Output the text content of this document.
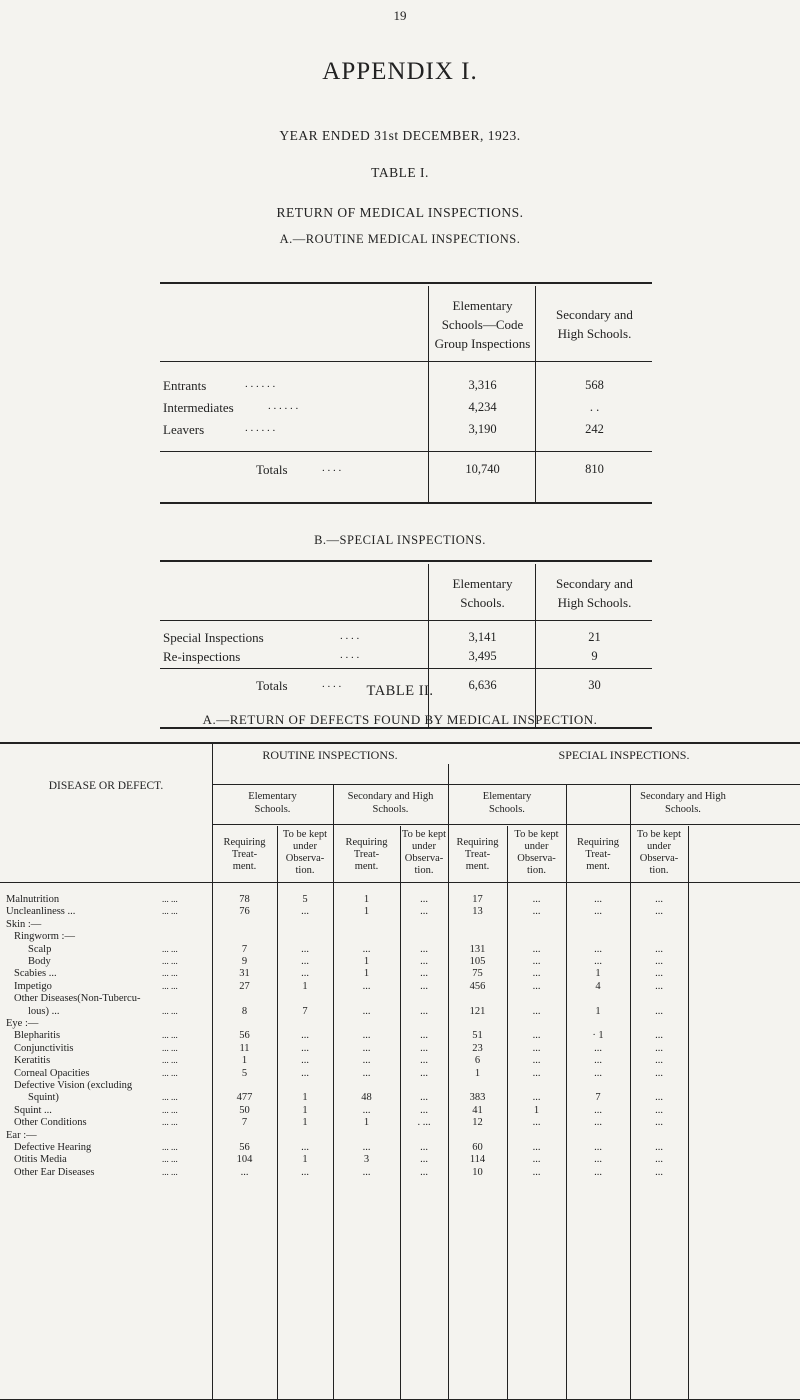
19
APPENDIX I.
YEAR ENDED 31st DECEMBER, 1923.
TABLE I.
RETURN OF MEDICAL INSPECTIONS.
A.—ROUTINE MEDICAL INSPECTIONS.
Elementary
Schools—Code
Group Inspections
Secondary and
High Schools.
Entrants	. . . . . .	3,316	568
Intermediates	. . . . . .	4,234	. .
Leavers	. . . . . .	3,190	242
Totals	. . . .	10,740	810
B.—SPECIAL INSPECTIONS.
Elementary
Schools.
Secondary and
High Schools.
Special Inspections	. . . .	3,141	21
Re-inspections	. . . .	3,495	9
Totals	. . . .	6,636	30
TABLE II.
A.—RETURN OF DEFECTS FOUND BY MEDICAL INSPECTION.
DISEASE OR DEFECT.
ROUTINE INSPECTIONS.	SPECIAL INSPECTIONS.
Elementary
Schools.
Secondary and High
Schools.
Elementary
Schools.
Secondary and High
Schools.
Requiring
Treat-
ment.
To be kept
under
Observa-
tion.
Requiring
Treat-
ment.
To be kept
under
Observa-
tion.
Requiring
Treat-
ment.
To be kept
under
Observa-
tion.
Requiring
Treat-
ment.
To be kept
under
Observa-
tion.
Malnutrition	... ...	78	5	1	...	17	...	...	...
Uncleanliness ...	... ...	76	...	1	...	13	...	...	...
Skin :—
Ringworm :—
Scalp	... ...	7	...	...	...	131	...	...	...
Body	... ...	9	...	1	...	105	...	...	...
Scabies ...	... ...	31	...	1	...	75	...	1	...
Impetigo	... ...	27	1	...	...	456	...	4	...
Other Diseases(Non-Tubercu-
lous) ...	... ...	8	7	...	...	121	...	1	...
Eye :—
Blepharitis	... ...	56	...	...	...	51	...	· 1	...
Conjunctivitis	... ...	11	...	...	...	23	...	...	...
Keratitis	... ...	1	...	...	...	6	...	...	...
Corneal Opacities	... ...	5	...	...	...	1	...	...	...
Defective Vision (excluding
Squint)	... ...	477	1	48	...	383	...	7	...
Squint ...	... ...	50	1	...	...	41	1	...	...
Other Conditions	... ...	7	1	1	. ...	12	...	...	...
Ear :—
Defective Hearing	... ...	56	...	...	...	60	...	...	...
Otitis Media	... ...	104	1	3	...	114	...	...	...
Other Ear Diseases	... ...	...	...	...	...	10	...	...	...
